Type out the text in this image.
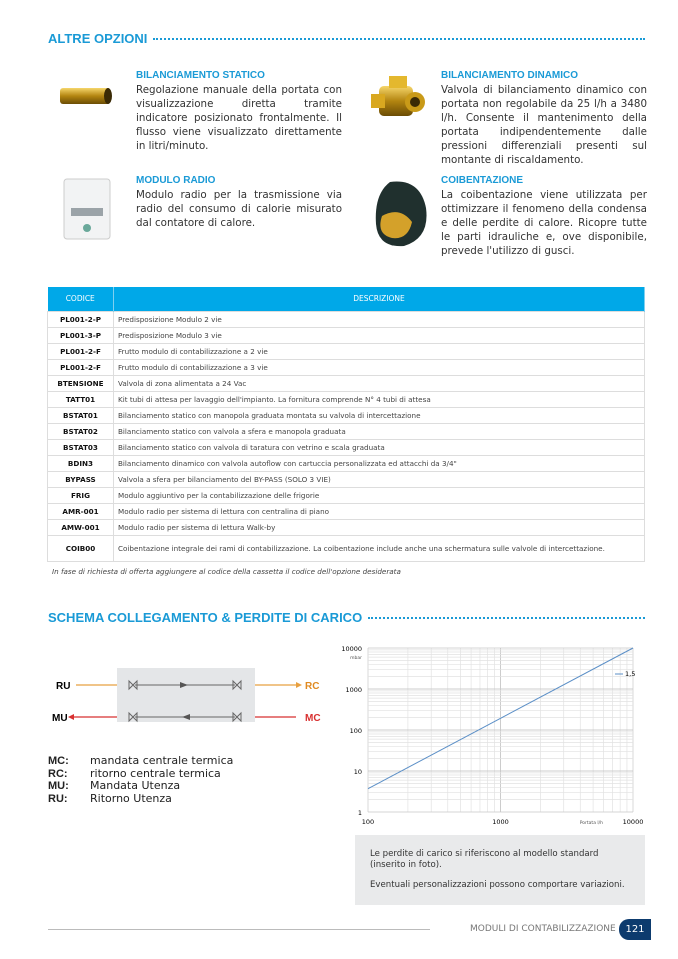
ALTRE OPZIONI
BILANCIAMENTO STATICO

Regolazione manuale della portata con visualizzazione diretta tramite indicatore posizionato frontalmente. Il flusso viene visualizzato direttamente in litri/minuto.

BILANCIAMENTO DINAMICO

Valvola di bilanciamento dinamico con portata non regolabile da 25 l/h a 3480 l/h. Consente il mantenimento della portata indipendentemente dalle pressioni differenziali presenti sul montante di riscaldamento.

MODULO RADIO

Modulo radio per la trasmissione via radio del consumo di calorie misurato dal contatore di calore.

COIBENTAZIONE

La coibentazione viene utilizzata per ottimizzare il fenomeno della condensa e delle perdite di calore. Ricopre tutte le parti idrauliche e, ove disponibile, prevede l'utilizzo di gusci.

CODICE	DESCRIZIONE
PL001-2-P	Predisposizione Modulo 2 vie
PL001-3-P	Predisposizione Modulo 3 vie
PL001-2-F	Frutto modulo di contabilizzazione a 2 vie
PL001-2-F	Frutto modulo di contabilizzazione a 3 vie
BTENSIONE	Valvola di zona alimentata a 24 Vac
TATT01	Kit tubi di attesa per lavaggio dell'impianto. La fornitura comprende N° 4 tubi di attesa
BSTAT01	Bilanciamento statico con manopola graduata montata su valvola di intercettazione
BSTAT02	Bilanciamento statico con valvola a sfera e manopola graduata
BSTAT03	Bilanciamento statico con valvola di taratura con vetrino e scala graduata
BDIN3	Bilanciamento dinamico con valvola autoflow con cartuccia personalizzata ed attacchi da 3/4"
BYPASS	Valvola a sfera per bilanciamento del BY-PASS (SOLO 3 VIE)
FRIG	Modulo aggiuntivo per la contabilizzazione delle frigorie
AMR-001	Modulo radio per sistema di lettura con centralina di piano
AMW-001	Modulo radio per sistema di lettura Walk-by
COIB00	Coibentazione integrale dei rami di contabilizzazione. La coibentazione include anche una schermatura sulle valvole di intercettazione.
In fase di richiesta di offerta aggiungere al codice della cassetta il codice dell'opzione desiderata
SCHEMA COLLEGAMENTO & PERDITE DI CARICO
RU
MU
RC
MC
MC: mandata centrale termica
RC: ritorno centrale termica
MU: Mandata Utenza
RU: Ritorno Utenza
1
10
100
1000
10000
100	1000	10000
mbar
Portata l/h
1,5

Le perdite di carico si riferiscono al modello standard (inserito in foto).

Eventuali personalizzazioni possono comportare variazioni.

MODULI DI CONTABILIZZAZIONE 121
